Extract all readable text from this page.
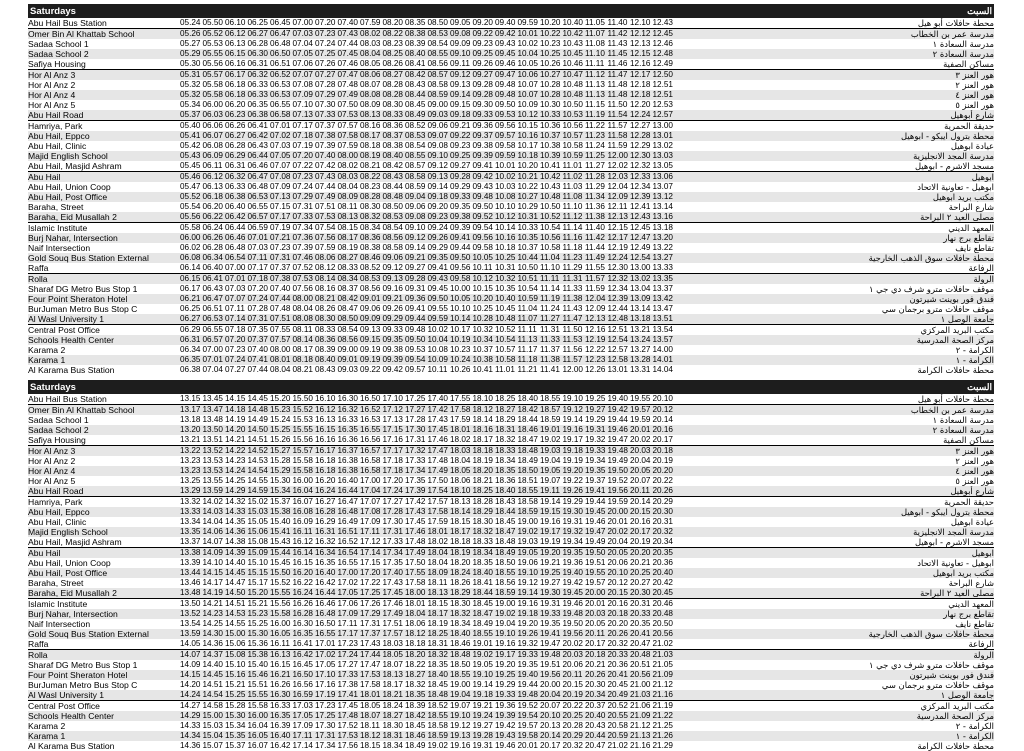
Saturdays	السبت
Abu Hail Bus Station	05.24 05.50 06.10 06.25 06.45 07.00 07.20 07.40 07.59 08.20 08.35 08.50 09.05 09.20 09.40 09.59 10.20 10.40 11.05 11.40 12.10 12.43	محطة حافلات أبو هيل
Omer Bin Al Khattab School	05.26 05.52 06.12 06.27 06.47 07.03 07.23 07.43 08.02 08.22 08.38 08.53 09.08 09.22 09.42 10.01 10.22 10.42 11.07 11.42 12.12 12.45	مدرسة عمر بن الخطاب
Sadaa School 1	05.27 05.53 06.13 06.28 06.48 07.04 07.24 07.44 08.03 08.23 08.39 08.54 09.09 09.23 09.43 10.02 10.23 10.43 11.08 11.43 12.13 12.46	مدرسة السعادة ١
Sadaa School 2	05.29 05.55 06.15 06.30 06.50 07.05 07.25 07.45 08.04 08.25 08.40 08.55 09.10 09.25 09.45 10.04 10.25 10.45 11.10 11.45 12.15 12.48	مدرسة السعادة ٢
Safiya Housing	05.30 05.56 06.16 06.31 06.51 07.06 07.26 07.46 08.05 08.26 08.41 08.56 09.11 09.26 09.46 10.05 10.26 10.46 11.11 11.46 12.16 12.49	مساكن الصفية
Hor Al Anz 3	05.31 05.57 06.17 06.32 06.52 07.07 07.27 07.47 08.06 08.27 08.42 08.57 09.12 09.27 09.47 10.06 10.27 10.47 11.12 11.47 12.17 12.50	هور العنز ٣
Hor Al Anz 2	05.32 05.58 06.18 06.33 06.53 07.08 07.28 07.48 08.07 08.28 08.43 08.58 09.13 09.28 09.48 10.07 10.28 10.48 11.13 11.48 12.18 12.51	هور العنز ٢
Hor Al Anz 4	05.32 05.58 06.18 06.33 06.53 07.09 07.29 07.49 08.08 08.28 08.44 08.59 09.14 09.28 09.48 10.07 10.28 10.48 11.13 11.48 12.18 12.51	هور العنز ٤
Hor Al Anz 5	05.34 06.00 06.20 06.35 06.55 07.10 07.30 07.50 08.09 08.30 08.45 09.00 09.15 09.30 09.50 10.09 10.30 10.50 11.15 11.50 12.20 12.53	هور العنز ٥
Abu Hail Road	05.37 06.03 06.23 06.38 06.58 07.13 07.33 07.53 08.13 08.33 08.49 09.03 09.18 09.33 09.53 10.12 10.33 10.53 11.19 11.54 12.24 12.57	شارع أبوهيل
Hamriya, Park	05.40 06.06 06.26 06.41 07.01 07.17 07.37 07.57 08.16 08.36 08.52 09.06 09.21 09.36 09.56 10.15 10.36 10.56 11.22 11.57 12.27 13.00	حديقة الحمرية
Abu Hail, Eppco	05.41 06.07 06.27 06.42 07.02 07.18 07.38 07.58 08.17 08.37 08.53 09.07 09.22 09.37 09.57 10.16 10.37 10.57 11.23 11.58 12.28 13.01	محطة بترول ايبكو - ابوهيل
Abu Hail, Clinic	05.42 06.08 06.28 06.43 07.03 07.19 07.39 07.59 08.18 08.38 08.54 09.08 09.23 09.38 09.58 10.17 10.38 10.58 11.24 11.59 12.29 13.02	عيادة ابوهيل
Majid English School	05.43 06.09 06.29 06.44 07.05 07.20 07.40 08.00 08.19 08.40 08.55 09.10 09.25 09.39 09.59 10.18 10.39 10.59 11.25 12.00 12.30 13.03	مدرسة المجد الانجليزية
Abu Hail, Masjid Ashram	05.45 06.11 06.31 06.46 07.07 07.22 07.42 08.02 08.21 08.42 08.57 09.12 09.27 09.41 10.01 10.20 10.41 11.01 11.27 12.02 12.32 13.05	مسجد الاشرم - ابوهيل
Abu Hail	05.46 06.12 06.32 06.47 07.08 07.23 07.43 08.03 08.22 08.43 08.58 09.13 09.28 09.42 10.02 10.21 10.42 11.02 11.28 12.03 12.33 13.06	ابوهيل
Abu Hail, Union Coop	05.47 06.13 06.33 06.48 07.09 07.24 07.44 08.04 08.23 08.44 08.59 09.14 09.29 09.43 10.03 10.22 10.43 11.03 11.29 12.04 12.34 13.07	ابوهيل - تعاونية الاتحاد
Abu Hail, Post Office	05.52 06.18 06.38 06.53 07.13 07.29 07.49 08.09 08.28 08.48 09.04 09.18 09.33 09.48 10.08 10.27 10.48 11.08 11.34 12.09 12.39 13.12	مكتب بريد ابوهيل
Baraha, Street	05.54 06.20 06.40 06.55 07.15 07.31 07.51 08.11 08.30 08.50 09.06 09.20 09.35 09.50 10.10 10.29 10.50 11.10 11.36 12.11 12.41 13.14	شارع البراحة
Baraha, Eid Musallah 2	05.56 06.22 06.42 06.57 07.17 07.33 07.53 08.13 08.32 08.53 09.08 09.23 09.38 09.52 10.12 10.31 10.52 11.12 11.38 12.13 12.43 13.16	مصلى العيد ٢ البراحة
Islamic Institute	05.58 06.24 06.44 06.59 07.19 07.34 07.54 08.15 08.34 08.54 09.10 09.24 09.39 09.54 10.14 10.33 10.54 11.14 11.40 12.15 12.45 13.18	المعهد الديني
Burj Nahar, Intersection	06.00 06.26 06.46 07.01 07.21 07.36 07.56 08.17 08.36 08.56 09.12 09.26 09.41 09.56 10.16 10.35 10.56 11.16 11.42 12.17 12.47 13.20	تقاطع برج نهار
Naif Intersection	06.02 06.28 06.48 07.03 07.23 07.39 07.59 08.19 08.38 08.58 09.14 09.29 09.44 09.58 10.18 10.37 10.58 11.18 11.44 12.19 12.49 13.22	تقاطع نايف
Gold Souq Bus Station External	06.08 06.34 06.54 07.11 07.31 07.46 08.06 08.27 08.46 09.06 09.21 09.35 09.50 10.05 10.25 10.44 11.04 11.23 11.49 12.24 12.54 13.27	محطة حافلات سوق الذهب الخارجية
Raffa	06.14 06.40 07.00 07.17 07.37 07.52 08.12 08.33 08.52 09.12 09.27 09.41 09.56 10.11 10.31 10.50 11.10 11.29 11.55 12.30 13.00 13.33	الرفاعة
Rolla	06.15 06.41 07.01 07.18 07.38 07.53 08.14 08.34 08.53 09.13 09.28 09.43 09.58 10.12 10.32 10.51 11.11 11.31 11.57 12.32 13.02 13.35	الرولة
Sharaf DG Metro Bus Stop 1	06.17 06.43 07.03 07.20 07.40 07.56 08.16 08.37 08.56 09.16 09.31 09.45 10.00 10.15 10.35 10.54 11.14 11.33 11.59 12.34 13.04 13.37	موقف حافلات مترو شرف دي جي ١
Four Point Sheraton Hotel	06.21 06.47 07.07 07.24 07.44 08.00 08.21 08.42 09.01 09.21 09.36 09.50 10.05 10.20 10.40 10.59 11.19 11.38 12.04 12.39 13.09 13.42	فندق فور بوينت شيرتون
BurJuman Metro Bus Stop C	06.25 06.51 07.11 07.28 07.48 08.04 08.26 08.47 09.06 09.26 09.41 09.55 10.10 10.25 10.45 11.04 11.24 11.43 12.09 12.44 13.14 13.47	موقف حافلات مترو برجمان سي
Al Wasl University 1	06.27 06.53 07.14 07.31 07.51 08.08 08.30 08.50 09.09 09.29 09.44 09.59 10.14 10.28 10.48 11.07 11.27 11.47 12.13 12.48 13.18 13.51	جامعة الوصل ١
Central Post Office	06.29 06.55 07.18 07.35 07.55 08.11 08.33 08.54 09.13 09.33 09.48 10.02 10.17 10.32 10.52 11.11 11.31 11.50 12.16 12.51 13.21 13.54	مكتب البريد المركزي
Schools Health Center	06.31 06.57 07.20 07.37 07.57 08.14 08.36 08.56 09.15 09.35 09.50 10.04 10.19 10.34 10.54 11.13 11.33 11.53 12.19 12.54 13.24 13.57	مركز الصحة المدرسية
Karama 2	06.34 07.00 07.23 07.40 08.00 08.17 08.39 09.00 09.19 09.38 09.53 10.08 10.23 10.37 10.57 11.17 11.37 11.56 12.22 12.57 13.27 14.00	الكرامة - ٢
Karama 1	06.35 07.01 07.24 07.41 08.01 08.18 08.40 09.01 09.19 09.39 09.54 10.09 10.24 10.38 10.58 11.18 11.38 11.57 12.23 12.58 13.28 14.01	الكرامة - ١
Al Karama Bus Station	06.38 07.04 07.27 07.44 08.04 08.21 08.43 09.03 09.22 09.42 09.57 10.11 10.26 10.41 11.01 11.21 11.41 12.00 12.26 13.01 13.31 14.04	محطة حافلات الكرامة
Saturdays	السبت
Abu Hail Bus Station	13.15 13.45 14.15 14.45 15.20 15.50 16.10 16.30 16.50 17.10 17.25 17.40 17.55 18.10 18.25 18.40 18.55 19.10 19.25 19.40 19.55 20.10	محطة حافلات أبو هيل
Omer Bin Al Khattab School	13.17 13.47 14.18 14.48 15.23 15.52 16.12 16.32 16.52 17.12 17.27 17.42 17.58 18.12 18.27 18.42 18.57 19.12 19.27 19.42 19.57 20.12	مدرسة عمر بن الخطاب
Sadaa School 1	13.18 13.48 14.19 14.49 15.24 15.53 16.13 16.33 16.53 17.13 17.28 17.43 17.59 18.14 18.29 18.44 18.59 19.14 19.29 19.44 19.59 20.14	مدرسة السعادة ١
Sadaa School 2	13.20 13.50 14.20 14.50 15.25 15.55 16.15 16.35 16.55 17.15 17.30 17.45 18.01 18.16 18.31 18.46 19.01 19.16 19.31 19.46 20.01 20.16	مدرسة السعادة ٢
Safiya Housing	13.21 13.51 14.21 14.51 15.26 15.56 16.16 16.36 16.56 17.16 17.31 17.46 18.02 18.17 18.32 18.47 19.02 19.17 19.32 19.47 20.02 20.17	مساكن الصفية
Hor Al Anz 3	13.22 13.52 14.22 14.52 15.27 15.57 16.17 16.37 16.57 17.17 17.32 17.47 18.03 18.18 18.33 18.48 19.03 19.18 19.33 19.48 20.03 20.18	هور العنز ٣
Hor Al Anz 2	13.23 13.53 14.23 14.53 15.28 15.58 16.18 16.38 16.58 17.18 17.33 17.48 18.04 18.19 18.34 18.49 19.04 19.19 19.34 19.49 20.04 20.19	هور العنز ٢
Hor Al Anz 4	13.23 13.53 14.24 14.54 15.29 15.58 16.18 16.38 16.58 17.18 17.34 17.49 18.05 18.20 18.35 18.50 19.05 19.20 19.35 19.50 20.05 20.20	هور العنز ٤
Hor Al Anz 5	13.25 13.55 14.25 14.55 15.30 16.00 16.20 16.40 17.00 17.20 17.35 17.50 18.06 18.21 18.36 18.51 19.07 19.22 19.37 19.52 20.07 20.22	هور العنز ٥
Abu Hail Road	13.29 13.59 14.29 14.59 15.34 16.04 16.24 16.44 17.04 17.24 17.39 17.54 18.10 18.25 18.40 18.55 19.11 19.26 19.41 19.56 20.11 20.26	شارع أبوهيل
Hamriya, Park	13.32 14.02 14.32 15.02 15.37 16.07 16.27 16.47 17.07 17.27 17.42 17.57 18.13 18.28 18.43 18.58 19.14 19.29 19.44 19.59 20.14 20.29	حديقة الحمرية
Abu Hail, Eppco	13.33 14.03 14.33 15.03 15.38 16.08 16.28 16.48 17.08 17.28 17.43 17.58 18.14 18.29 18.44 18.59 19.15 19.30 19.45 20.00 20.15 20.30	محطة بترول ايبكو - ابوهيل
Abu Hail, Clinic	13.34 14.04 14.35 15.05 15.40 16.09 16.29 16.49 17.09 17.30 17.45 17.59 18.15 18.30 18.45 19.00 19.16 19.31 19.46 20.01 20.16 20.31	عيادة ابوهيل
Majid English School	13.35 14.06 14.36 15.06 15.41 16.11 16.31 16.51 17.11 17.31 17.46 18.01 18.17 18.32 18.47 19.02 19.17 19.32 19.47 20.02 20.17 20.32	مدرسة المجد الانجليزية
Abu Hail, Masjid Ashram	13.37 14.07 14.38 15.08 15.43 16.12 16.32 16.52 17.12 17.33 17.48 18.02 18.18 18.33 18.48 19.03 19.19 19.34 19.49 20.04 20.19 20.34	مسجد الاشرم - ابوهيل
Abu Hail	13.38 14.09 14.39 15.09 15.44 16.14 16.34 16.54 17.14 17.34 17.49 18.04 18.19 18.34 18.49 19.05 19.20 19.35 19.50 20.05 20.20 20.35	ابوهيل
Abu Hail, Union Coop	13.39 14.10 14.40 15.10 15.45 16.15 16.35 16.55 17.15 17.35 17.50 18.04 18.20 18.35 18.50 19.06 19.21 19.36 19.51 20.06 20.21 20.36	ابوهيل - تعاونية الاتحاد
Abu Hail, Post Office	13.44 14.15 14.45 15.15 15.50 16.20 16.40 17.00 17.20 17.40 17.55 18.09 18.24 18.40 18.55 19.10 19.25 19.40 19.55 20.10 20.25 20.40	مكتب بريد ابوهيل
Baraha, Street	13.46 14.17 14.47 15.17 15.52 16.22 16.42 17.02 17.22 17.43 17.58 18.11 18.26 18.41 18.56 19.12 19.27 19.42 19.57 20.12 20.27 20.42	شارع البراحة
Baraha, Eid Musallah 2	13.48 14.19 14.50 15.20 15.55 16.24 16.44 17.05 17.25 17.45 18.00 18.13 18.29 18.44 18.59 19.14 19.30 19.45 20.00 20.15 20.30 20.45	مصلى العيد ٢ البراحة
Islamic Institute	13.50 14.21 14.51 15.21 15.56 16.26 16.46 17.06 17.26 17.46 18.01 18.15 18.30 18.45 19.00 19.16 19.31 19.46 20.01 20.16 20.31 20.46	المعهد الديني
Burj Nahar, Intersection	13.52 14.23 14.53 15.23 15.58 16.28 16.48 17.09 17.29 17.49 18.04 18.17 18.32 18.47 19.02 19.18 19.33 19.48 20.03 20.18 20.33 20.48	تقاطع برج نهار
Naif Intersection	13.54 14.25 14.55 15.25 16.00 16.30 16.50 17.11 17.31 17.51 18.06 18.19 18.34 18.49 19.04 19.20 19.35 19.50 20.05 20.20 20.35 20.50	تقاطع نايف
Gold Souq Bus Station External	13.59 14.30 15.00 15.30 16.05 16.35 16.55 17.17 17.37 17.57 18.12 18.25 18.40 18.55 19.10 19.26 19.41 19.56 20.11 20.26 20.41 20.56	محطة حافلات سوق الذهب الخارجية
Raffa	14.05 14.36 15.06 15.36 16.11 16.41 17.01 17.23 17.43 18.03 18.18 18.31 18.46 19.01 19.16 19.32 19.47 20.02 20.17 20.32 20.47 21.02	الرفاعة
Rolla	14.07 14.37 15.08 15.38 16.13 16.42 17.02 17.24 17.44 18.05 18.20 18.32 18.48 19.02 19.17 19.33 19.48 20.03 20.18 20.33 20.48 21.03	الرولة
Sharaf DG Metro Bus Stop 1	14.09 14.40 15.10 15.40 16.15 16.45 17.05 17.27 17.47 18.07 18.22 18.35 18.50 19.05 19.20 19.35 19.51 20.06 20.21 20.36 20.51 21.05	موقف حافلات مترو شرف دي جي ١
Four Point Sheraton Hotel	14.15 14.45 15.16 15.46 16.21 16.50 17.10 17.33 17.53 18.13 18.27 18.40 18.55 19.10 19.25 19.40 19.56 20.11 20.26 20.41 20.56 21.09	فندق فور بوينت شيرتون
BurJuman Metro Bus Stop C	14.20 14.51 15.21 15.51 16.26 16.56 17.16 17.38 17.58 18.17 18.32 18.45 19.00 19.14 19.29 19.44 20.00 20.15 20.30 20.45 21.00 21.12	موقف حافلات مترو برجمان سي
Al Wasl University 1	14.24 14.54 15.25 15.55 16.30 16.59 17.19 17.41 18.01 18.21 18.35 18.48 19.04 19.18 19.33 19.48 20.04 20.19 20.34 20.49 21.03 21.16	جامعة الوصل ١
Central Post Office	14.27 14.58 15.28 15.58 16.33 17.03 17.23 17.45 18.05 18.24 18.39 18.52 19.07 19.21 19.36 19.52 20.07 20.22 20.37 20.52 21.06 21.19	مكتب البريد المركزي
Schools Health Center	14.29 15.00 15.30 16.00 16.35 17.05 17.25 17.48 18.07 18.27 18.42 18.55 19.10 19.24 19.39 19.54 20.10 20.25 20.40 20.55 21.09 21.22	مركز الصحة المدرسية
Karama 2	14.33 15.03 15.34 16.04 16.39 17.09 17.30 17.52 18.11 18.30 18.45 18.58 19.12 19.27 19.42 19.57 20.13 20.28 20.43 20.58 21.12 21.25	الكرامة - ٢
Karama 1	14.34 15.04 15.35 16.05 16.40 17.11 17.31 17.53 18.12 18.31 18.46 18.59 19.13 19.28 19.43 19.58 20.14 20.29 20.44 20.59 21.13 21.26	الكرامة - ١
Al Karama Bus Station	14.36 15.07 15.37 16.07 16.42 17.14 17.34 17.56 18.15 18.34 18.49 19.02 19.16 19.31 19.46 20.01 20.17 20.32 20.47 21.02 21.16 21.29	محطة حافلات الكرامة
